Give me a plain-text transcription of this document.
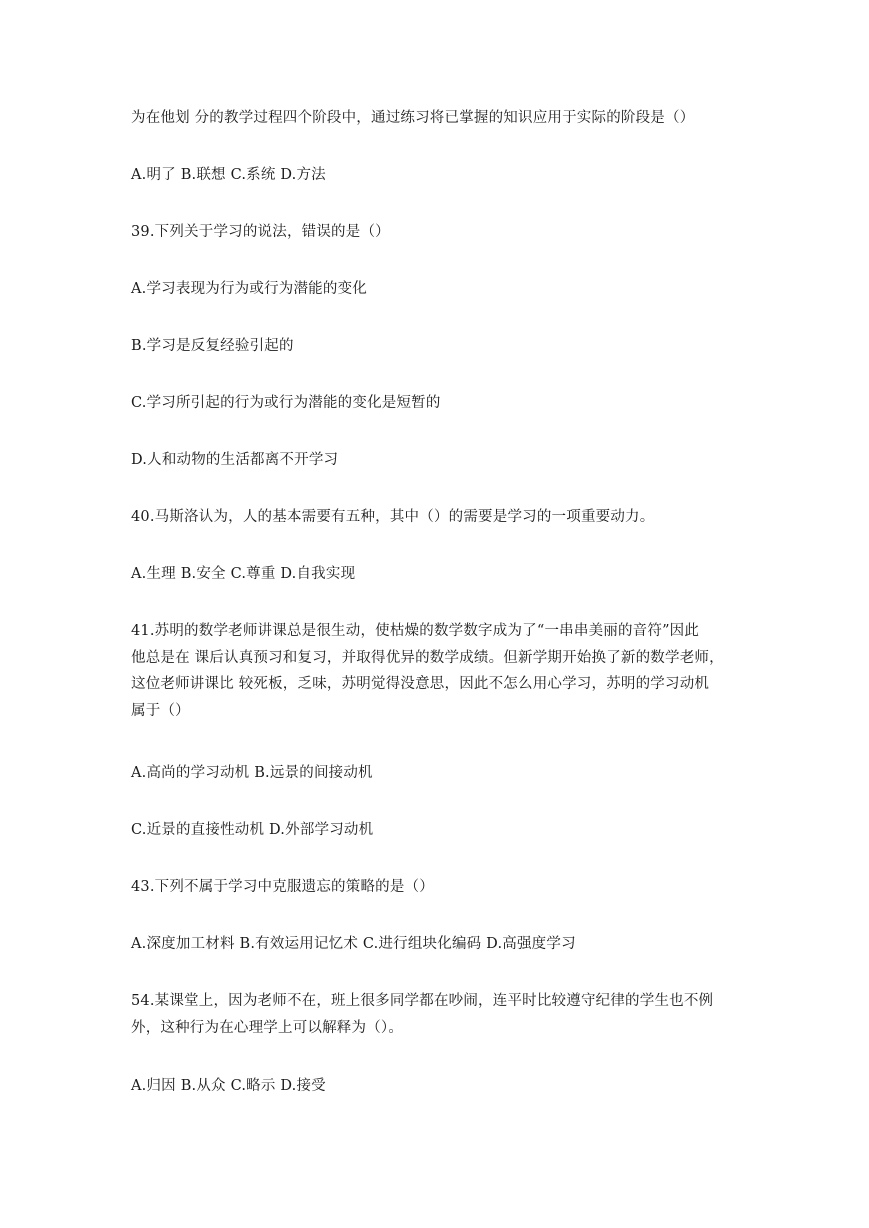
为在他划 分的教学过程四个阶段中，通过练习将已掌握的知识应用于实际的阶段是（）
A.明了 B.联想 C.系统 D.方法
39.下列关于学习的说法，错误的是（）
A.学习表现为行为或行为潜能的变化
B.学习是反复经验引起的
C.学习所引起的行为或行为潜能的变化是短暂的
D.人和动物的生活都离不开学习
40.马斯洛认为，人的基本需要有五种，其中（）的需要是学习的一项重要动力。
A.生理 B.安全 C.尊重 D.自我实现
41.苏明的数学老师讲课总是很生动，使枯燥的数学数字成为了“一串串美丽的音符”因此
他总是在 课后认真预习和复习，并取得优异的数学成绩。但新学期开始换了新的数学老师，
这位老师讲课比 较死板，乏味，苏明觉得没意思，因此不怎么用心学习，苏明的学习动机
属于（）
A.高尚的学习动机 B.远景的间接动机
C.近景的直接性动机 D.外部学习动机
43.下列不属于学习中克服遗忘的策略的是（）
A.深度加工材料 B.有效运用记忆术 C.进行组块化编码 D.高强度学习
54.某课堂上，因为老师不在，班上很多同学都在吵闹，连平时比较遵守纪律的学生也不例
外，这种行为在心理学上可以解释为（）。
A.归因 B.从众 C.略示 D.接受
